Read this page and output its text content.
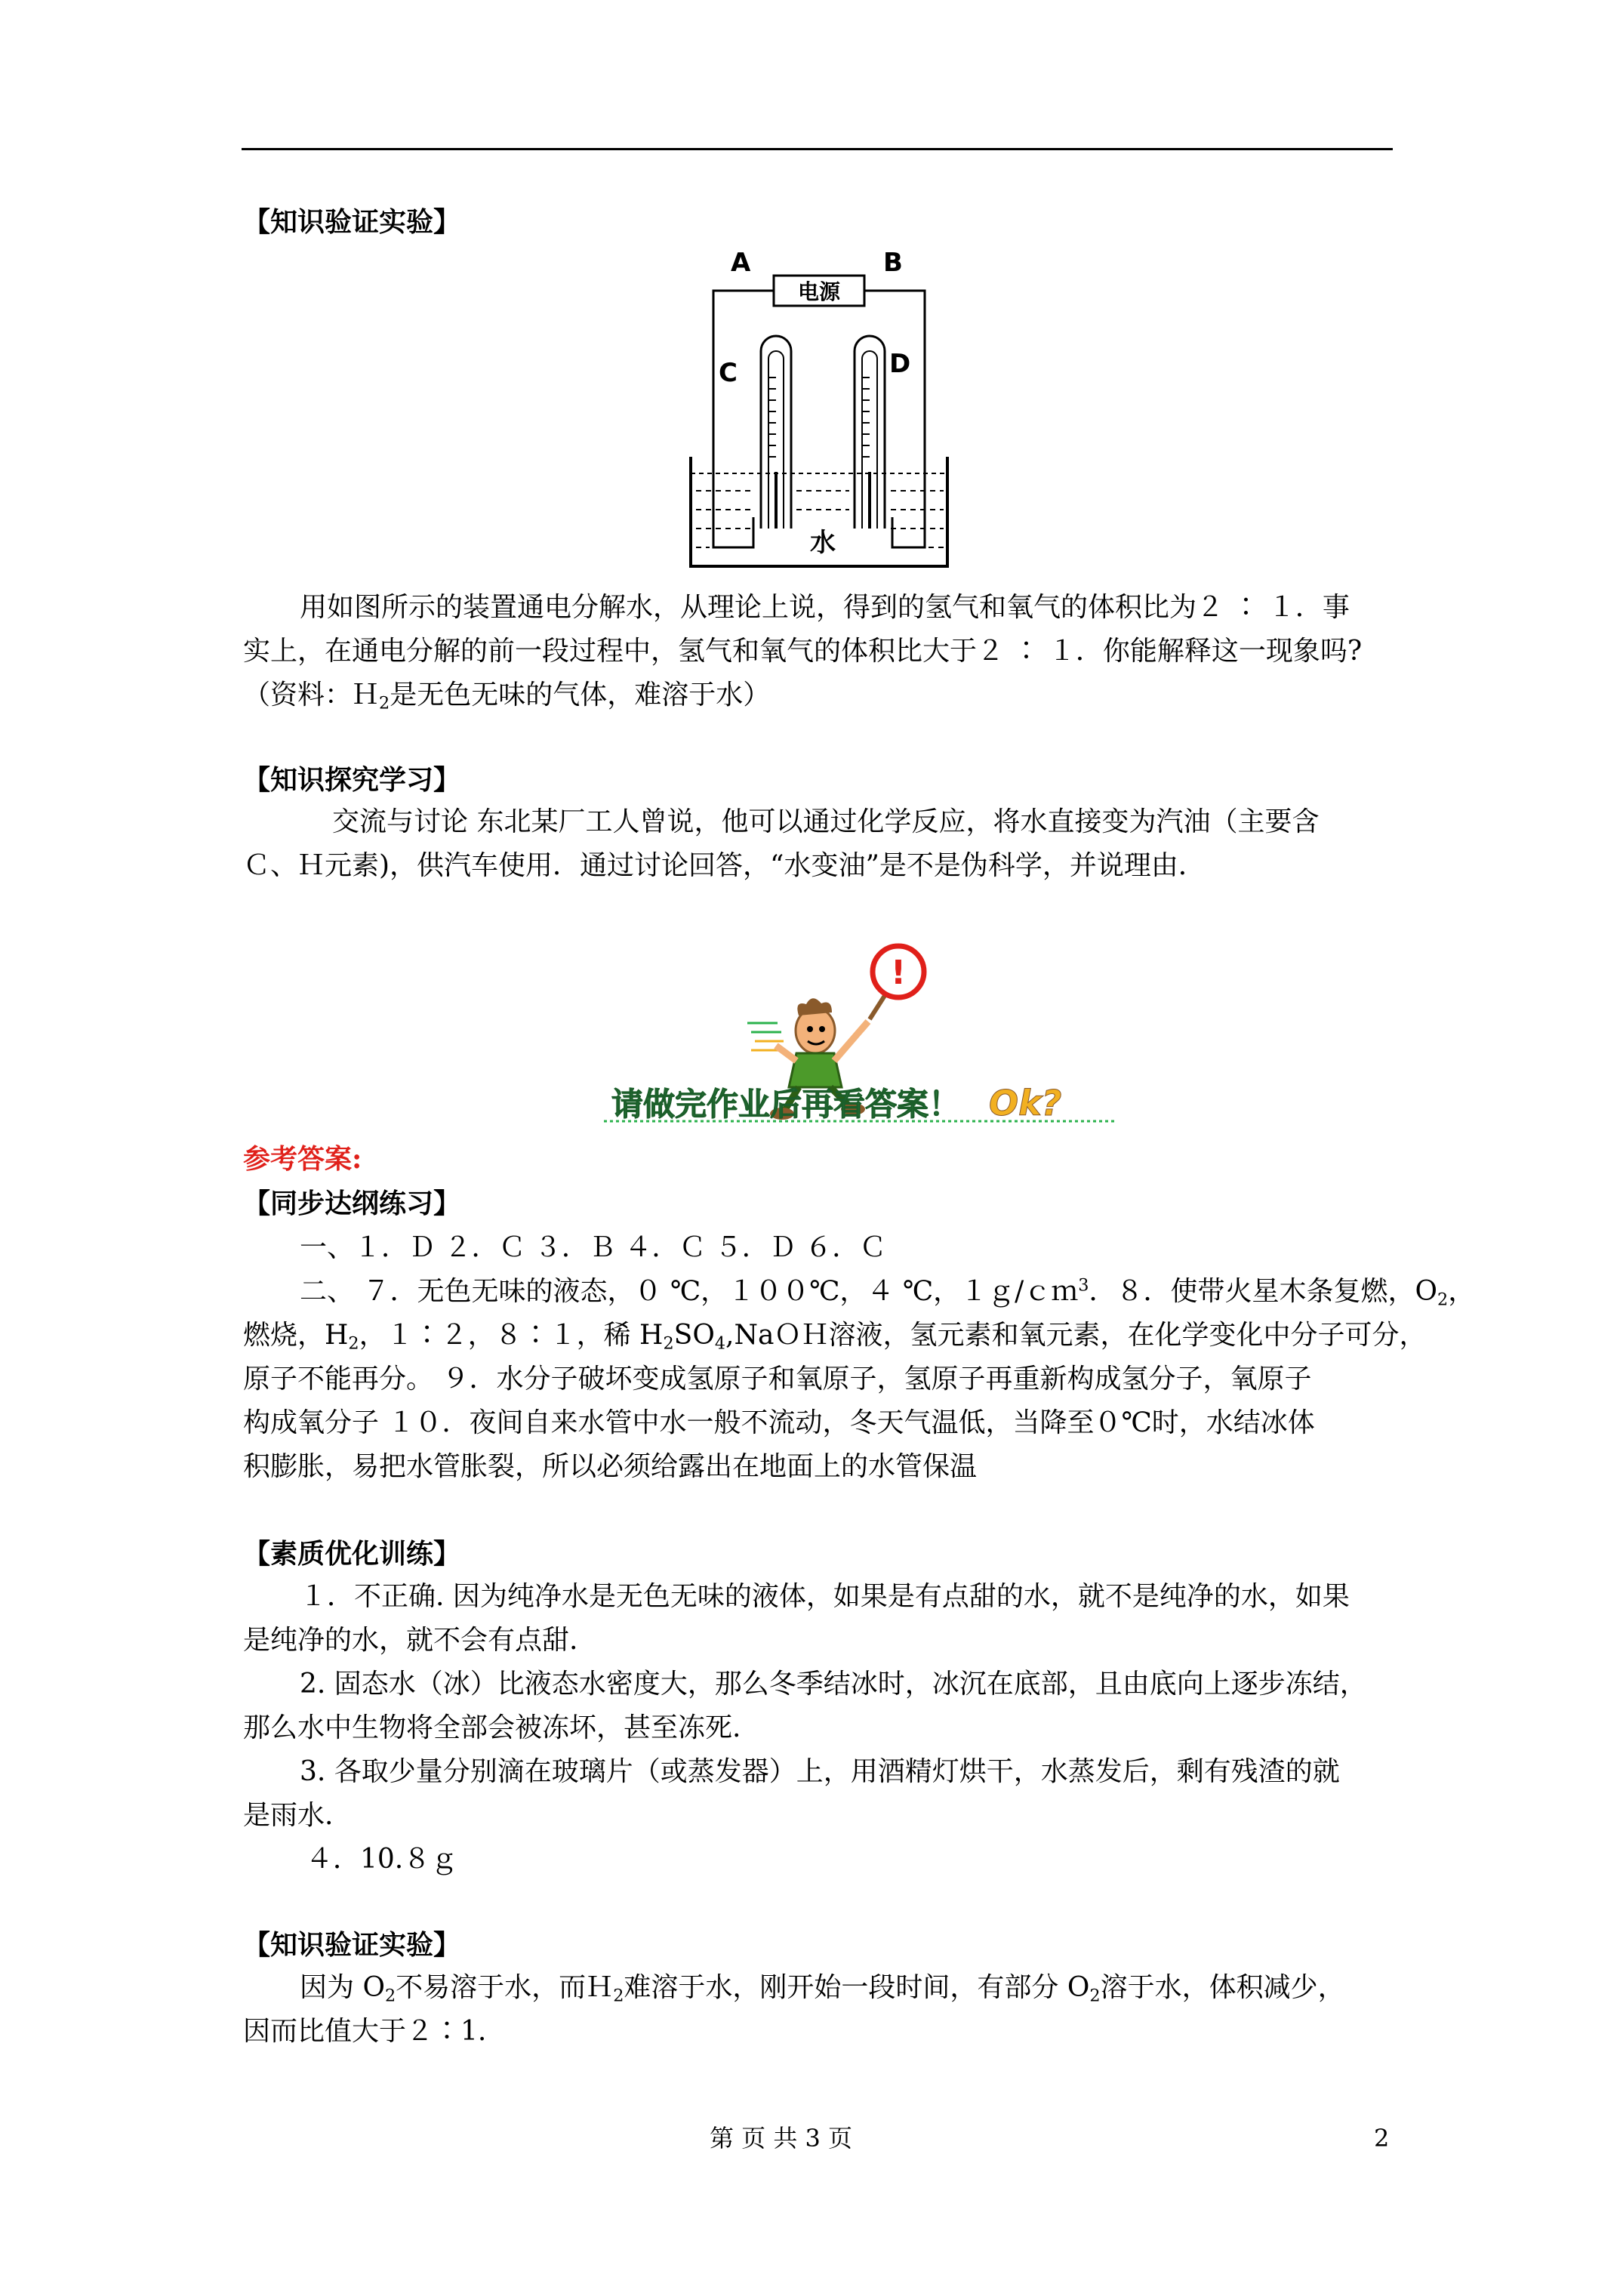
【知识验证实验】
A	B
电源
C	D
水
用如图所示的装置通电分解水，从理论上说，得到的氢气和氧气的体积比为２ ∶ １．事
实上，在通电分解的前一段过程中，氢气和氧气的体积比大于２ ∶ １．你能解释这一现象吗?
（资料：Ｈ$_2$是无色无味的气体，难溶于水）
【知识探究学习】
交流与讨论 东北某厂工人曾说，他可以通过化学反应，将水直接变为汽油（主要含
Ｃ、Ｈ元素)，供汽车使用．通过讨论回答，“水变油”是不是伪科学，并说理由．
!
请做完作业后再看答案！ Ok?
参考答案:
【同步达纲练习】
一、１．Ｄ ２．Ｃ ３．Ｂ ４．Ｃ ５．Ｄ ６．Ｃ
二、 ７．无色无味的液态，０ ℃，１００℃，４ ℃，１ｇ/ｃｍ$^3$．８．使带火星木条复燃，$O_2$，
燃烧，$H_2$，１∶２，８∶１，稀 $H_2SO_4,NaOH$溶液，氢元素和氧元素，在化学变化中分子可分，
原子不能再分。 ９．水分子破坏变成氢原子和氧原子，氢原子再重新构成氢分子，氧原子
构成氧分子 １０．夜间自来水管中水一般不流动，冬天气温低，当降至０℃时，水结冰体
积膨胀，易把水管胀裂，所以必须给露出在地面上的水管保温
【素质优化训练】
１．不正确. 因为纯净水是无色无味的液体，如果是有点甜的水，就不是纯净的水，如果
是纯净的水，就不会有点甜.
2. 固态水（冰）比液态水密度大，那么冬季结冰时，冰沉在底部，且由底向上逐步冻结，
那么水中生物将全部会被冻坏，甚至冻死.
3. 各取少量分别滴在玻璃片（或蒸发器）上，用酒精灯烘干，水蒸发后，剩有残渣的就
是雨水.
４．10.８ｇ
【知识验证实验】
因为 $O_2$不易溶于水，而Ｈ$_2$难溶于水，刚开始一段时间，有部分 $O_2$溶于水，体积减少，
因而比值大于２∶1.
第 页 共 3 页	2
